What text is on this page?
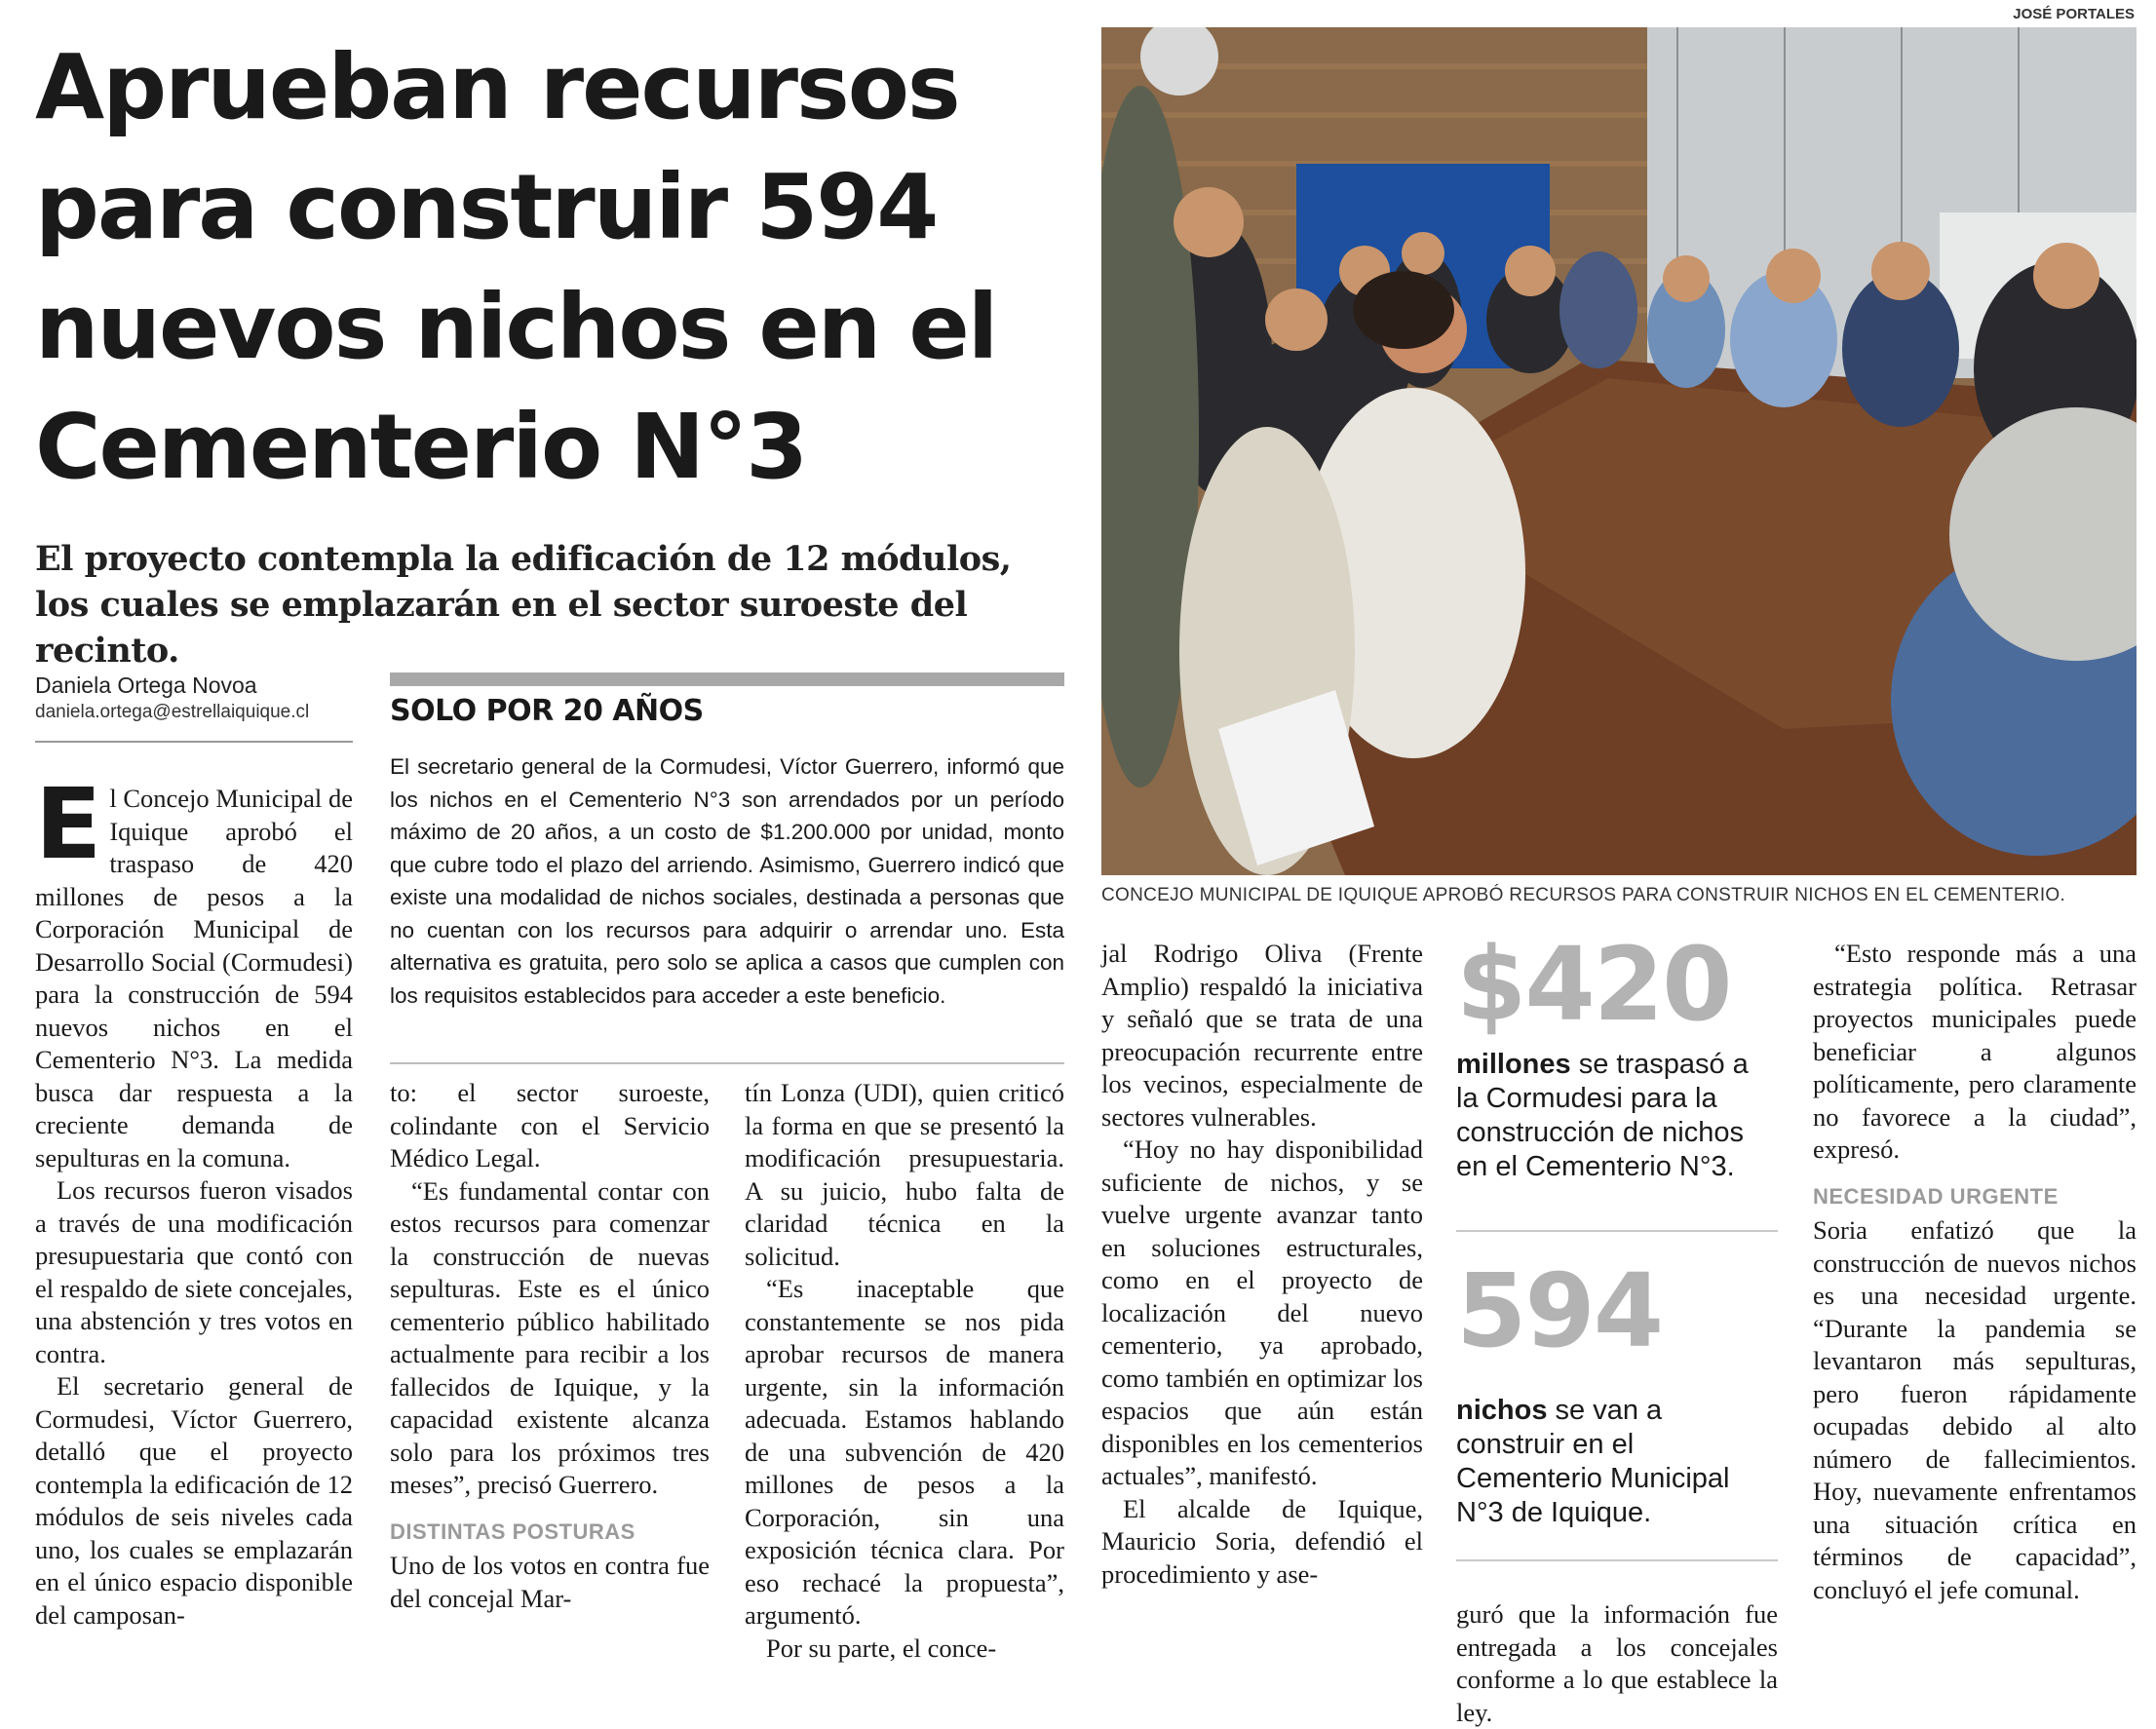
Aprueban recursos para construir 594 nuevos nichos en el Cementerio N°3
El proyecto contempla la edificación de 12 módulos, los cuales se emplazarán en el sector suroeste del recinto.
Daniela Ortega Novoa
daniela.ortega@estrellaiquique.cl	SOLO POR 20 AÑOS
El secretario general de la Cormudesi, Víctor Guerrero, informó que los nichos en el Cementerio N°3 son arrendados por un período máximo de 20 años, a un costo de $1.200.000 por unidad, monto que cubre todo el plazo del arriendo. Asimismo, Guerrero indicó que existe una modalidad de nichos sociales, destinada a personas que no cuentan con los recursos para adquirir o arrendar uno. Esta alternativa es gratuita, pero solo se aplica a casos que cumplen con los requisitos establecidos para acceder a este beneficio.

El Concejo Municipal de Iquique aprobó el traspaso de 420 millones de pesos a la Corporación Municipal de Desarrollo Social (Cormudesi) para la construcción de 594 nuevos nichos en el Cementerio N°3. La medida busca dar respuesta a la creciente demanda de sepulturas en la comuna.

Los recursos fueron visados a través de una modificación presupuestaria que contó con el respaldo de siete concejales, una abstención y tres votos en contra.

El secretario general de Cormudesi, Víctor Guerrero, detalló que el proyecto contempla la edificación de 12 módulos de seis niveles cada uno, los cuales se emplazarán en el único espacio disponible del camposan-

to: el sector suroeste, colindante con el Servicio Médico Legal.

“Es fundamental contar con estos recursos para comenzar la construcción de nuevas sepulturas. Este es el único cementerio público habilitado actualmente para recibir a los fallecidos de Iquique, y la capacidad existente alcanza solo para los próximos tres meses”, precisó Guerrero.

DISTINTAS POSTURAS

Uno de los votos en contra fue del concejal Mar-

tín Lonza (UDI), quien criticó la forma en que se presentó la modificación presupuestaria. A su juicio, hubo falta de claridad técnica en la solicitud.

“Es inaceptable que constantemente se nos pida aprobar recursos de manera urgente, sin la información adecuada. Estamos hablando de una subvención de 420 millones de pesos a la Corporación, sin una exposición técnica clara. Por eso rechacé la propuesta”, argumentó.

Por su parte, el conce-

JOSÉ PORTALES
CONCEJO MUNICIPAL DE IQUIQUE APROBÓ RECURSOS PARA CONSTRUIR NICHOS EN EL CEMENTERIO.

jal Rodrigo Oliva (Frente Amplio) respaldó la iniciativa y señaló que se trata de una preocupación recurrente entre los vecinos, especialmente de sectores vulnerables.

“Hoy no hay disponibilidad suficiente de nichos, y se vuelve urgente avanzar tanto en soluciones estructurales, como en el proyecto de localización del nuevo cementerio, ya aprobado, como también en optimizar los espacios que aún están disponibles en los cementerios actuales”, manifestó.

El alcalde de Iquique, Mauricio Soria, defendió el procedimiento y ase-

$420
millones se traspasó a la Cormudesi para la construcción de nichos en el Cementerio N°3.
594
nichos se van a construir en el Cementerio Municipal N°3 de Iquique.

guró que la información fue entregada a los concejales conforme a lo que establece la ley.

“Esto responde más a una estrategia política. Retrasar proyectos municipales puede beneficiar a algunos políticamente, pero claramente no favorece a la ciudad”, expresó.

NECESIDAD URGENTE

Soria enfatizó que la construcción de nuevos nichos es una necesidad urgente. “Durante la pandemia se levantaron más sepulturas, pero fueron rápidamente ocupadas debido al alto número de fallecimientos. Hoy, nuevamente enfrentamos una situación crítica en términos de capacidad”, concluyó el jefe comunal.
